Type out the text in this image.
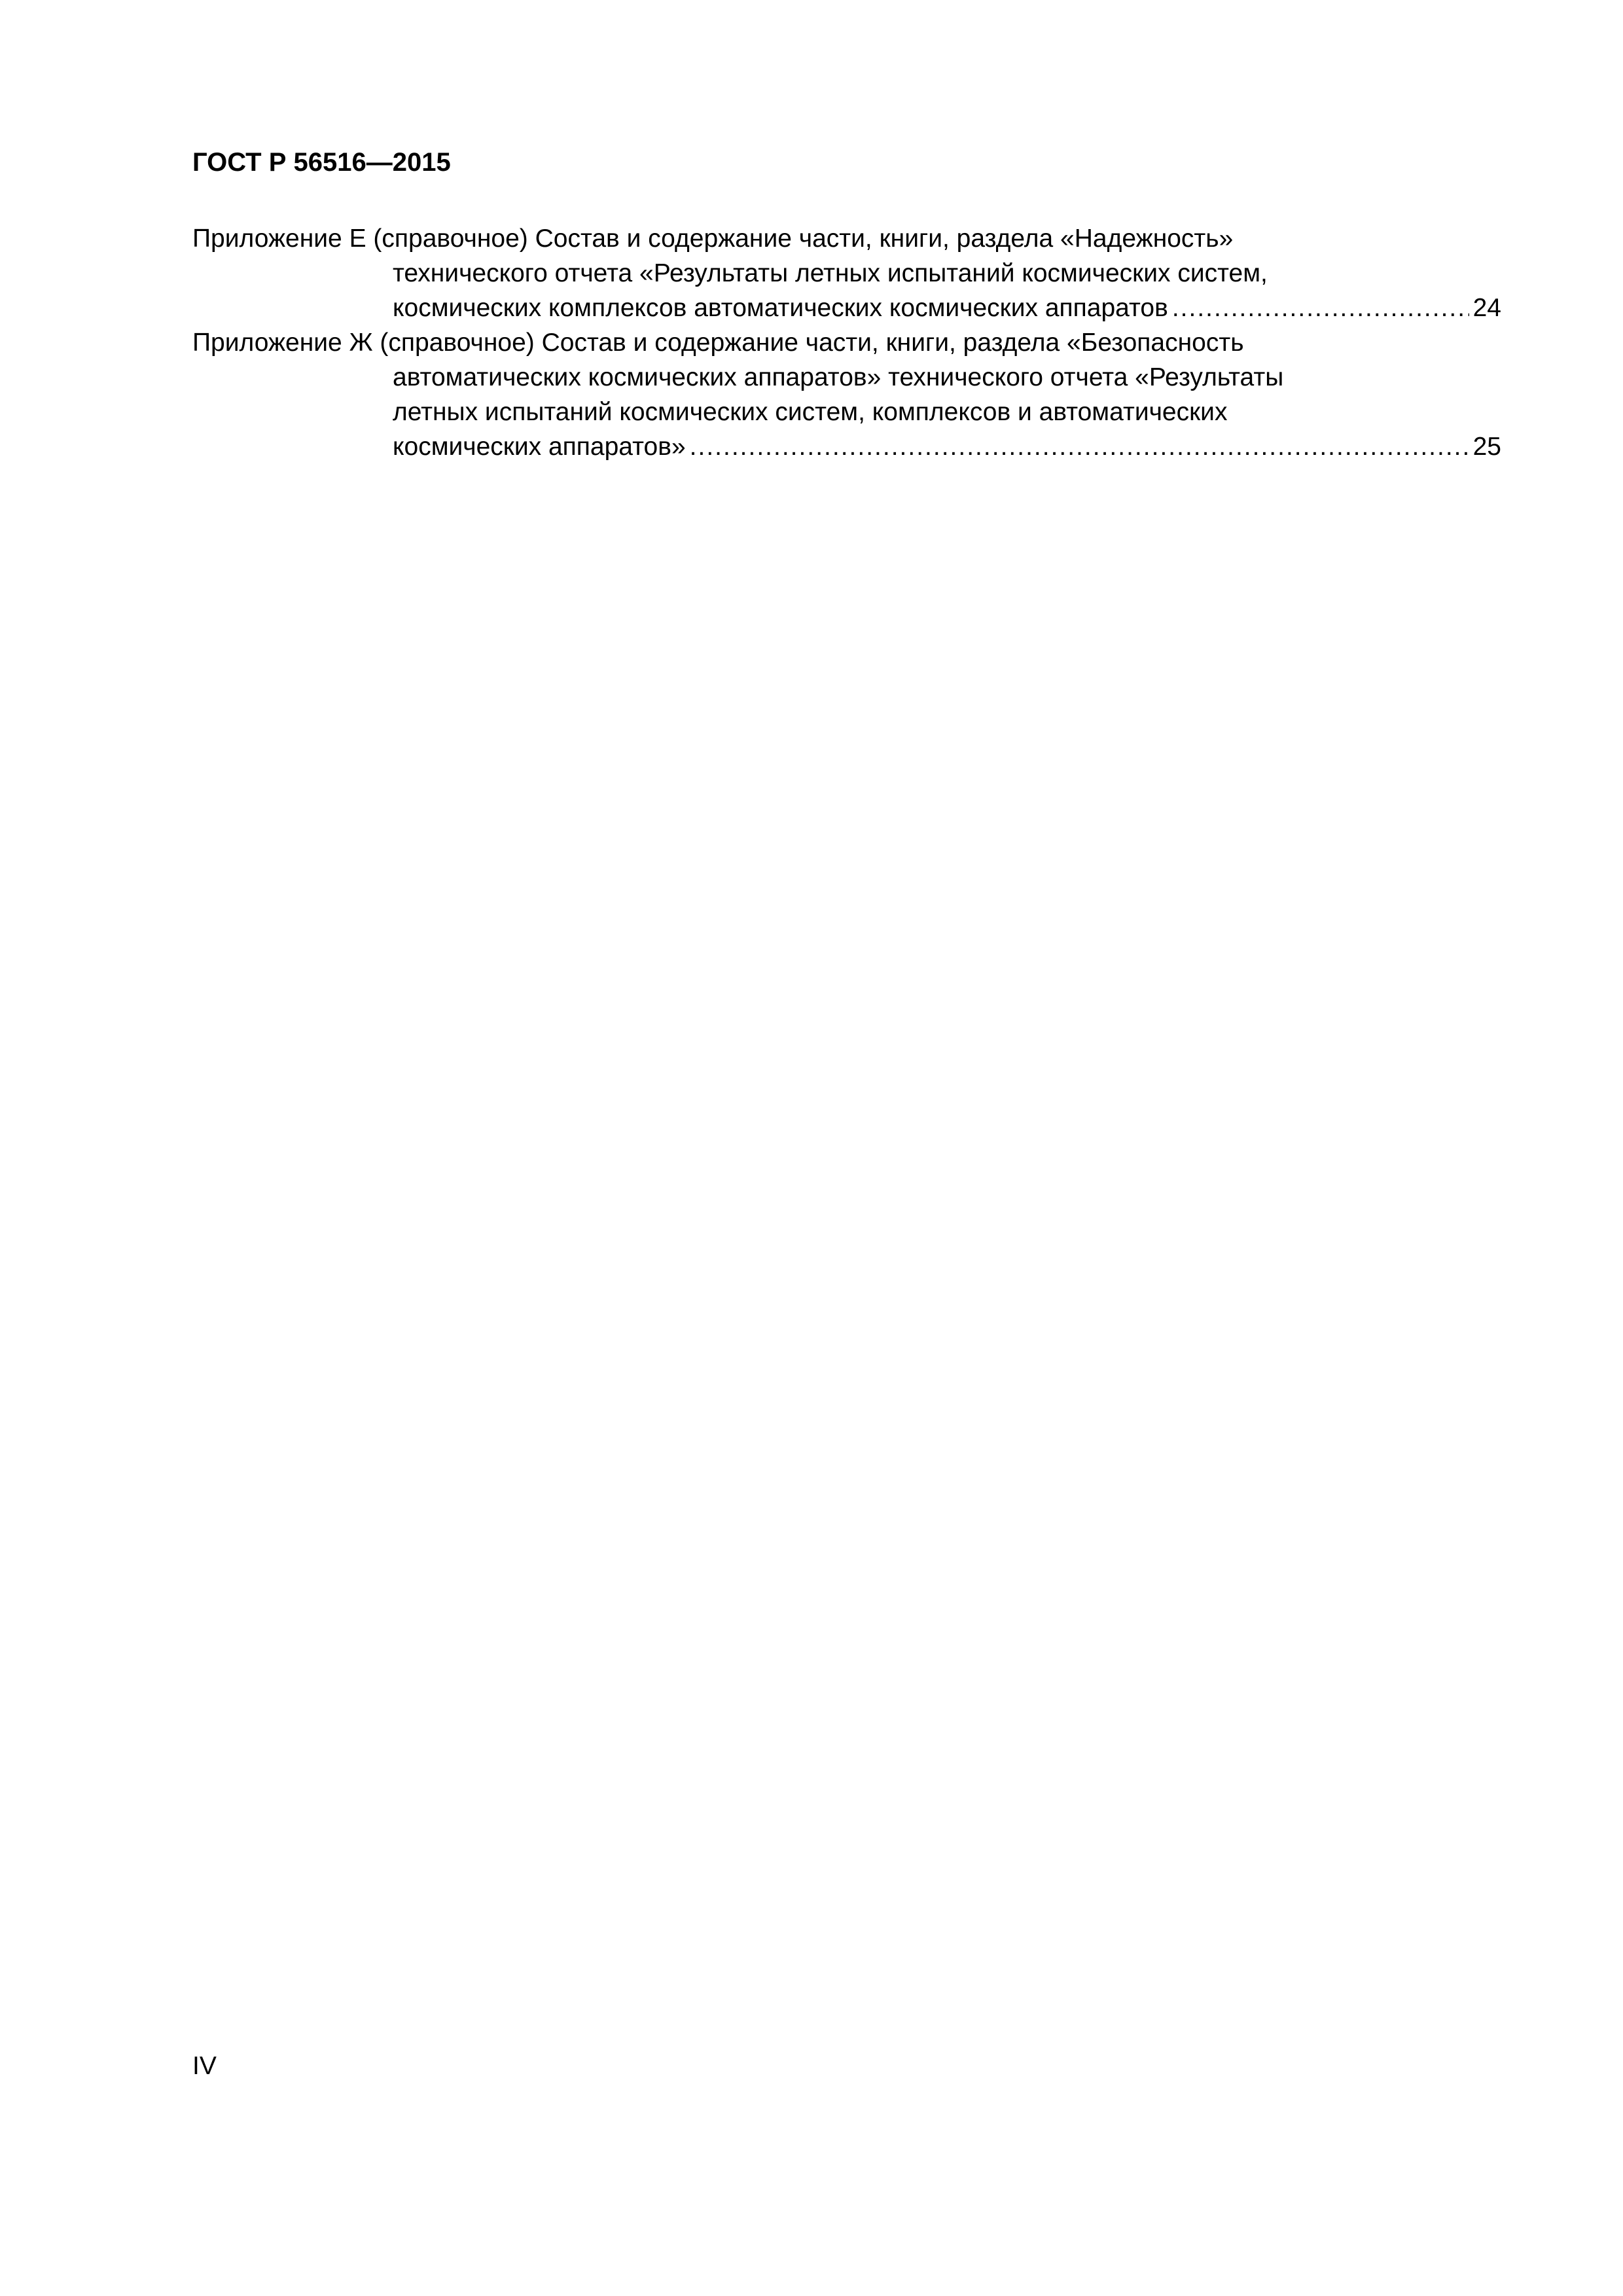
ГОСТ Р 56516—2015
Приложение Е (справочное) Состав и содержание части, книги, раздела «Надежность»
технического отчета «Результаты летных испытаний космических систем,
космических комплексов автоматических космических аппаратов .....	24
Приложение Ж (справочное) Состав и содержание части, книги, раздела «Безопасность
автоматических космических аппаратов» технического отчета «Результаты
летных испытаний космических систем, комплексов и автоматических
космических аппаратов» .....	25
IV
